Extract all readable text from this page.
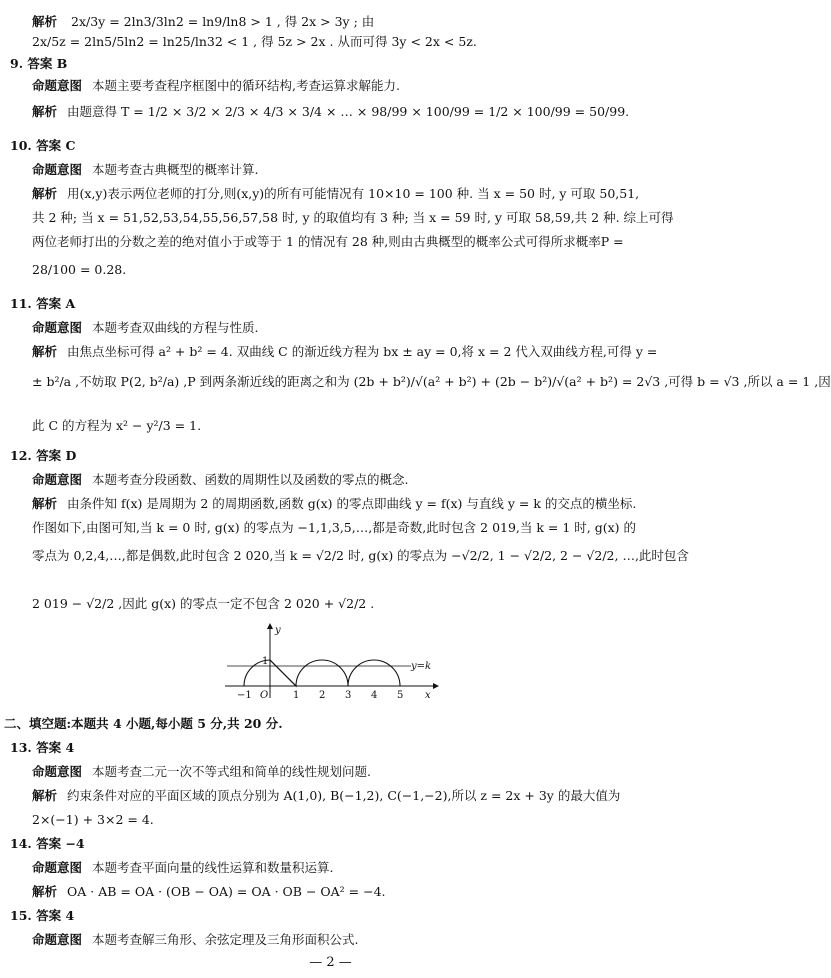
解析 2x/3y = 2ln3/3ln2 = ln9/ln8 > 1 , 得 2x > 3y ; 由
2x/5z = 2ln5/5ln2 = ln25/ln32 < 1 , 得 5z > 2x . 从而可得 3y < 2x < 5z.
9. 答案 B
命题意图 本题主要考查程序框图中的循环结构,考查运算求解能力.
解析 由题意得 T = 1/2 × 3/2 × 2/3 × 4/3 × 3/4 × … × 98/99 × 100/99 = 1/2 × 100/99 = 50/99.
10. 答案 C
命题意图 本题考查古典概型的概率计算.
解析 用(x,y)表示两位老师的打分,则(x,y)的所有可能情况有 10×10 = 100 种. 当 x = 50 时, y 可取 50,51,
共 2 种; 当 x = 51,52,53,54,55,56,57,58 时, y 的取值均有 3 种; 当 x = 59 时, y 可取 58,59,共 2 种. 综上可得
两位老师打出的分数之差的绝对值小于或等于 1 的情况有 28 种,则由古典概型的概率公式可得所求概率P =
28/100 = 0.28.
11. 答案 A
命题意图 本题考查双曲线的方程与性质.
解析 由焦点坐标可得 a² + b² = 4. 双曲线 C 的渐近线方程为 bx ± ay = 0,将 x = 2 代入双曲线方程,可得 y =
± b²/a ,不妨取 P(2, b²/a) ,P 到两条渐近线的距离之和为 (2b + b²)/√(a² + b²) + (2b − b²)/√(a² + b²) = 2√3 ,可得 b = √3 ,所以 a = 1 ,因
此 C 的方程为 x² − y²/3 = 1.
12. 答案 D
命题意图 本题考查分段函数、函数的周期性以及函数的零点的概念.
解析 由条件知 f(x) 是周期为 2 的周期函数,函数 g(x) 的零点即曲线 y = f(x) 与直线 y = k 的交点的横坐标.
作图如下,由图可知,当 k = 0 时, g(x) 的零点为 −1,1,3,5,…,都是奇数,此时包含 2 019,当 k = 1 时, g(x) 的
零点为 0,2,4,…,都是偶数,此时包含 2 020,当 k = √2/2 时, g(x) 的零点为 −√2/2, 1 − √2/2, 2 − √2/2, …,此时包含
2 019 − √2/2 ,因此 g(x) 的零点一定不包含 2 020 + √2/2 .
y
x
y=k
1
O
−1	1 2 3 4 5
二、填空题:本题共 4 小题,每小题 5 分,共 20 分.
13. 答案 4
命题意图 本题考查二元一次不等式组和简单的线性规划问题.
解析 约束条件对应的平面区域的顶点分别为 A(1,0), B(−1,2), C(−1,−2),所以 z = 2x + 3y 的最大值为
2×(−1) + 3×2 = 4.
14. 答案 −4
命题意图 本题考查平面向量的线性运算和数量积运算.
解析 OA · AB = OA · (OB − OA) = OA · OB − OA² = −4.
15. 答案 4
命题意图 本题考查解三角形、余弦定理及三角形面积公式.
— 2 —
